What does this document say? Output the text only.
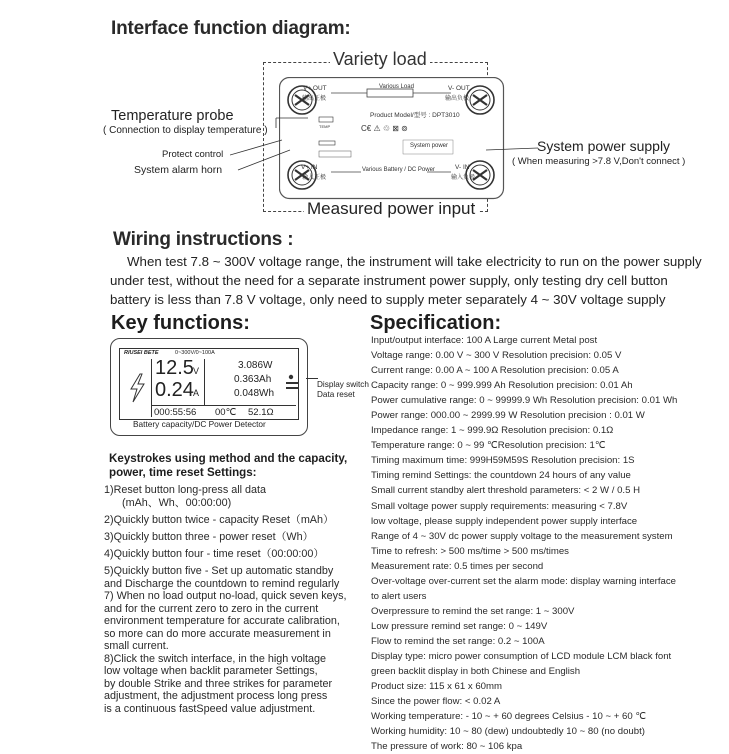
Interface function diagram:
Variety load
Measured power input
C€ ⚠ ♲ ⊠ ⊚
TEMP
V+ OUT
输出正极
V- OUT
输出负极
Various Load
Product Model/型号 : DPT3010
V+ IN
输入正极
V- IN
输入负极
Various Battery / DC Power
System power
Temperature probe
( Connection to display temperature )
Protect control
System alarm horn
System power supply
( When measuring >7.8 V,Don't connect )
Wiring instructions :
When test 7.8 ~ 300V voltage range, the instrument will take electricity to run on the power supply
under test, without the need for a separate instrument power supply, only testing dry cell button
battery is less than 7.8 V voltage, only need to supply meter separately 4 ~ 30V voltage supply
Key functions:
RIUSEI BETE	0~300V/0~100A
12.5 V
0.24 A
3.086W
0.363Ah
0.048Wh
000:55:56 00℃ 52.1Ω
Battery capacity/DC Power Detector
Display switch
Data reset
Keystrokes using method and the capacity, power, time reset Settings:
1)Reset button long-press all data
(mAh、Wh、00:00:00)
2)Quickly button twice - capacity Reset（mAh）
3)Quickly button three - power reset（Wh）
4)Quickly button four - time reset（00:00:00）
5)Quickly button five - Set up automatic standby
and Discharge the countdown to remind regularly
7) When no load output no-load, quick seven keys,
and for the current zero to zero in the current
environment temperature for accurate calibration,
so more can do more accurate measurement in
small current.
8)Click the switch interface, in the high voltage
low voltage when backlit parameter Settings,
by double Strike and three strikes for parameter
adjustment, the adjustment process long press
is a continuous fastSpeed value adjustment.
Specification:
Input/output interface: 100 A Large current Metal post
Voltage range: 0.00 V ~ 300 V Resolution precision: 0.05 V
Current range: 0.00 A ~ 100 A Resolution precision: 0.05 A
Capacity range: 0 ~ 999.999 Ah Resolution precision: 0.01 Ah
Power cumulative range: 0 ~ 99999.9 Wh Resolution precision: 0.01 Wh
Power range: 000.00 ~ 2999.99 W Resolution precision : 0.01 W
Impedance range: 1 ~ 999.9Ω Resolution precision: 0.1Ω
Temperature range: 0 ~ 99 ℃Resolution precision: 1℃
Timing maximum time: 999H59M59S Resolution precision: 1S
Timing remind Settings: the countdown 24 hours of any value
Small current standby alert threshold parameters: < 2 W / 0.5 H
Small voltage power supply requirements: measuring < 7.8V
low voltage, please supply independent power supply interface
Range of 4 ~ 30V dc power supply voltage to the measurement system
Time to refresh: > 500 ms/time > 500 ms/times
Measurement rate: 0.5 times per second
Over-voltage over-current set the alarm mode: display warning interface
to alert users
Overpressure to remind the set range: 1 ~ 300V
Low pressure remind set range: 0 ~ 149V
Flow to remind the set range: 0.2 ~ 100A
Display type: micro power consumption of LCD module LCM black font
green backlit display in both Chinese and English
Product size: 115 x 61 x 60mm
Since the power flow: < 0.02 A
Working temperature: - 10 ~ + 60 degrees Celsius - 10 ~ + 60 ℃
Working humidity: 10 ~ 80 (dew) undoubtedly 10 ~ 80 (no doubt)
The pressure of work: 80 ~ 106 kpa
